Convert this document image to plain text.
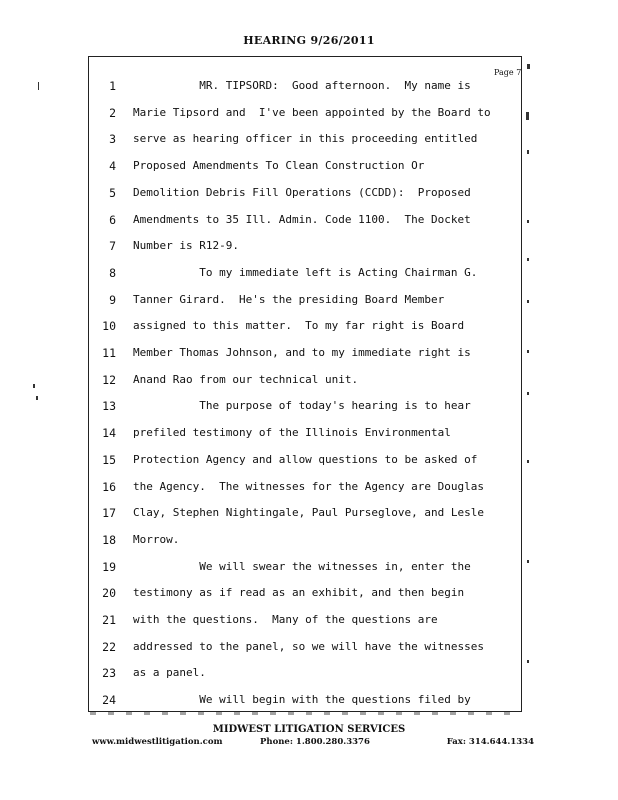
HEARING 9/26/2011
Page 7
1 MR. TIPSORD:  Good afternoon.  My name is
2 Marie Tipsord and  I've been appointed by the Board to
3 serve as hearing officer in this proceeding entitled
4 Proposed Amendments To Clean Construction Or
5 Demolition Debris Fill Operations (CCDD):  Proposed
6 Amendments to 35 Ill. Admin. Code 1100.  The Docket
7 Number is R12-9.
8 To my immediate left is Acting Chairman G.
9 Tanner Girard.  He's the presiding Board Member
10 assigned to this matter.  To my far right is Board
11 Member Thomas Johnson, and to my immediate right is
12 Anand Rao from our technical unit.
13 The purpose of today's hearing is to hear
14 prefiled testimony of the Illinois Environmental
15 Protection Agency and allow questions to be asked of
16 the Agency.  The witnesses for the Agency are Douglas
17 Clay, Stephen Nightingale, Paul Purseglove, and Lesle
18 Morrow.
19 We will swear the witnesses in, enter the
20 testimony as if read as an exhibit, and then begin
21 with the questions.  Many of the questions are
22 addressed to the panel, so we will have the witnesses
23 as a panel.
24 We will begin with the questions filed by
MIDWEST LITIGATION SERVICES
www.midwestlitigation.com	Phone: 1.800.280.3376	Fax: 314.644.1334
